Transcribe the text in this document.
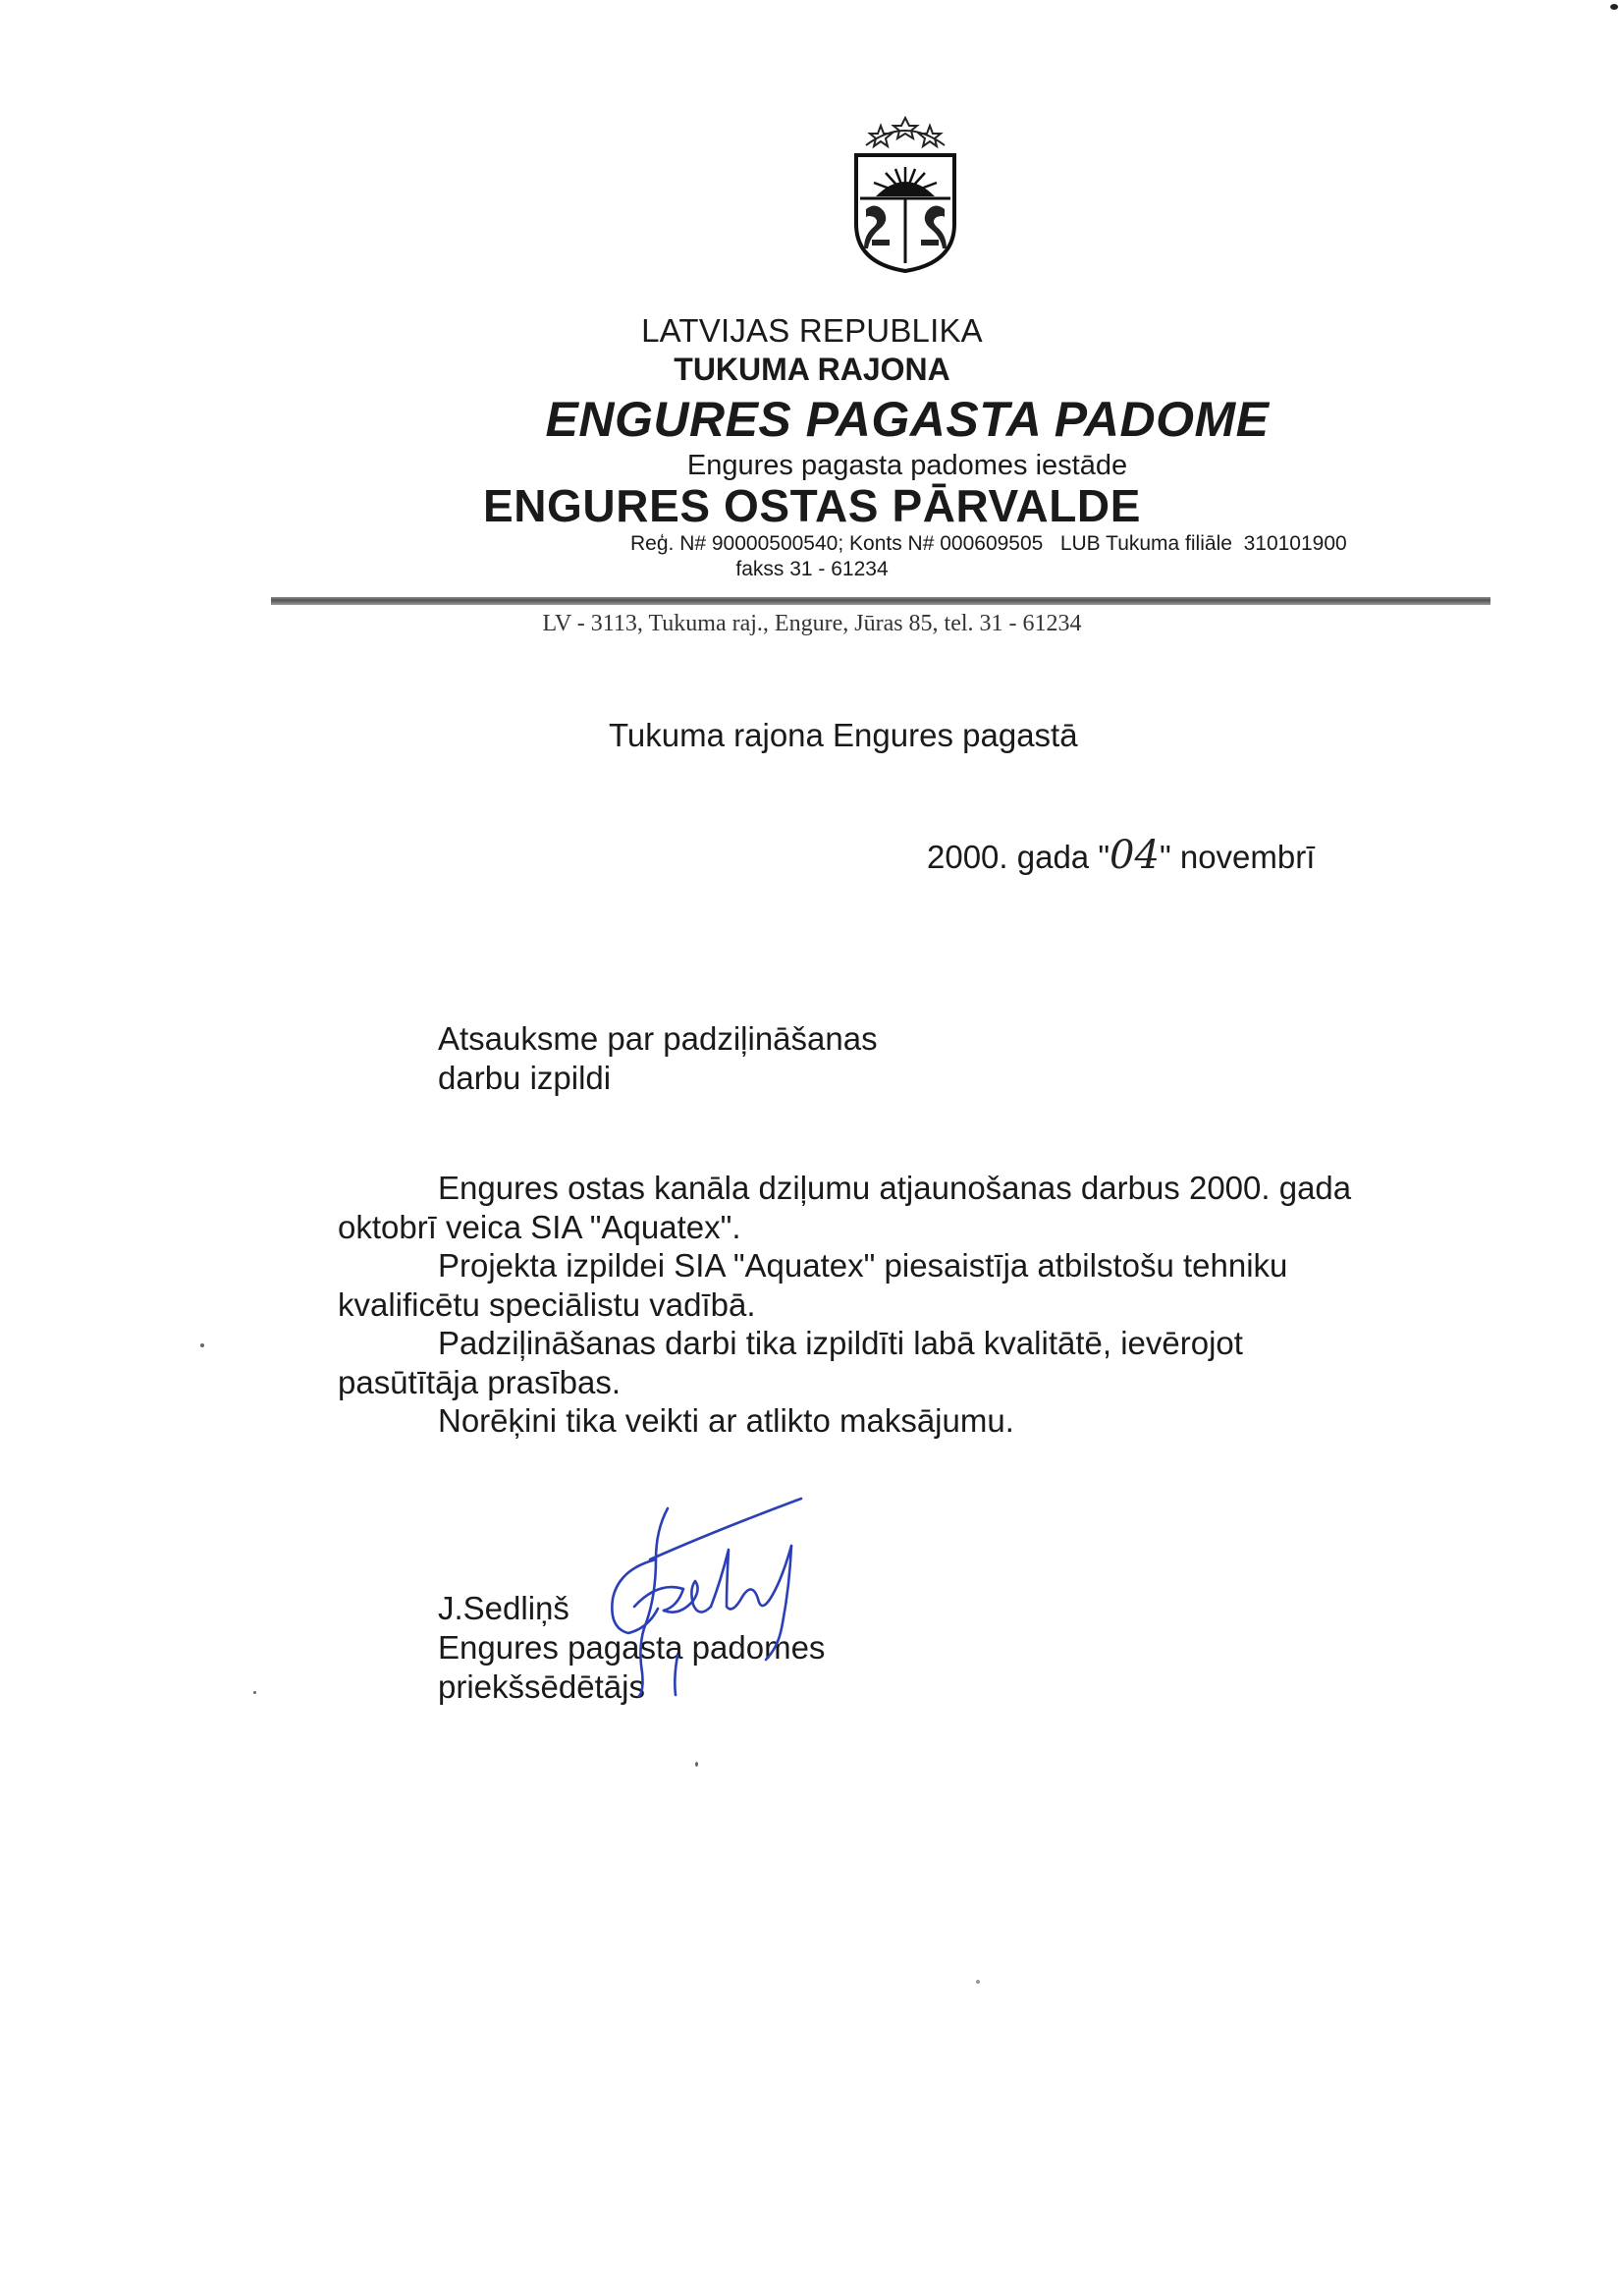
LATVIJAS REPUBLIKA
TUKUMA RAJONA
ENGURES PAGASTA PADOME
Engures pagasta padomes iestāde
ENGURES OSTAS PĀRVALDE
Reģ. N# 90000500540; Konts N# 000609505   LUB Tukuma filiāle  310101900
fakss 31 - 61234
LV - 3113, Tukuma raj., Engure, Jūras 85, tel. 31 - 61234
Tukuma rajona Engures pagastā
2000. gada "04" novembrī
Atsauksme par padziļināšanas
darbu izpildi

Engures ostas kanāla dziļumu atjaunošanas darbus 2000. gada oktobrī veica SIA "Aquatex".

Projekta izpildei SIA "Aquatex" piesaistīja atbilstošu tehniku kvalificētu speciālistu vadībā.

Padziļināšanas darbi tika izpildīti labā kvalitātē, ievērojot pasūtītāja prasības.

Norēķini tika veikti ar atlikto maksājumu.

J.Sedliņš
Engures pagasta padomes
priekšsēdētājs
